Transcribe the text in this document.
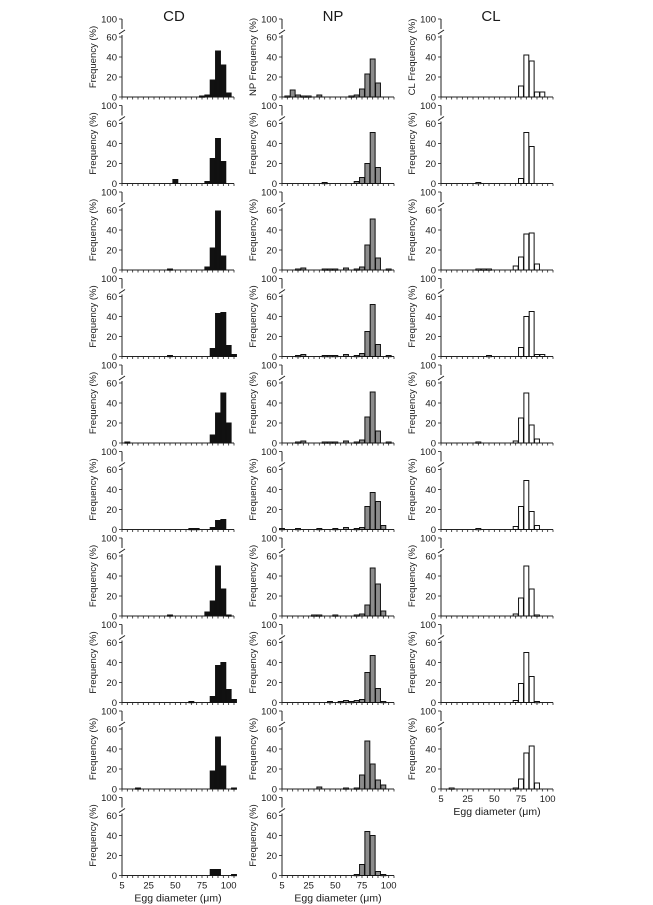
CD	NP	CL
0
20
40
60
100
Frequency (%)
0
20
40
60
100
Frequency (%)
0
20
40
60
100
Frequency (%)
0
20
40
60
100
Frequency (%)
0
20
40
60
100
Frequency (%)
0
20
40
60
100
Frequency (%)
0
20
40
60
100
Frequency (%)
0
20
40
60
100
Frequency (%)
0
20
40
60
100
Frequency (%)
0
20
40
60
100
Frequency (%)
5 25 50 75 100
Egg diameter (μm)
0
20
40
60
100
NP Frequency (%)
0
20
40
60
100
Frequency (%)
0
20
40
60
100
Frequency (%)
0
20
40
60
100
Frequency (%)
0
20
40
60
100
Frequency (%)
0
20
40
60
100
Frequency (%)
0
20
40
60
100
Frequency (%)
0
20
40
60
100
Frequency (%)
0
20
40
60
100
Frequency (%)
0
20
40
60
100
Frequency (%)
5 25 50 75 100
Egg diameter (μm)
0
20
40
60
100
CL Frequency (%)
0
20
40
60
100
Frequency (%)
0
20
40
60
100
Frequency (%)
0
20
40
60
100
Frequency (%)
0
20
40
60
100
Frequency (%)
0
20
40
60
100
Frequency (%)
0
20
40
60
100
Frequency (%)
0
20
40
60
100
Frequency (%)
0
20
40
60
100
Frequency (%)
5 25 50 75 100
Egg diameter (μm)
